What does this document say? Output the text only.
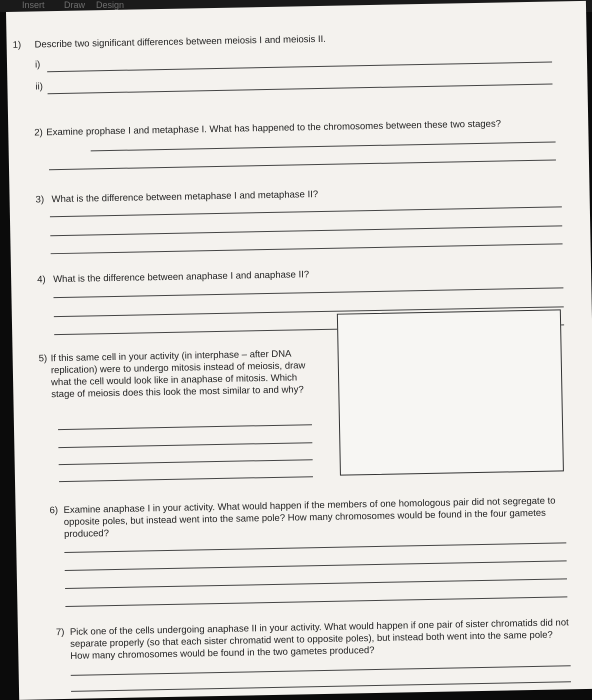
Insert Draw Design
1) Describe two significant differences between meiosis I and meiosis II.
i)
ii)
2) Examine prophase I and metaphase I. What has happened to the chromosomes between these two stages?
3) What is the difference between metaphase I and metaphase II?
4) What is the difference between anaphase I and anaphase II?
5) If this same cell in your activity (in interphase – after DNA replication) were to undergo mitosis instead of meiosis, draw what the cell would look like in anaphase of mitosis. Which stage of meiosis does this look the most similar to and why?
6) Examine anaphase I in your activity. What would happen if the members of one homologous pair did not segregate to opposite poles, but instead went into the same pole? How many chromosomes would be found in the four gametes produced?
7) Pick one of the cells undergoing anaphase II in your activity. What would happen if one pair of sister chromatids did not separate properly (so that each sister chromatid went to opposite poles), but instead both went into the same pole? How many chromosomes would be found in the two gametes produced?
